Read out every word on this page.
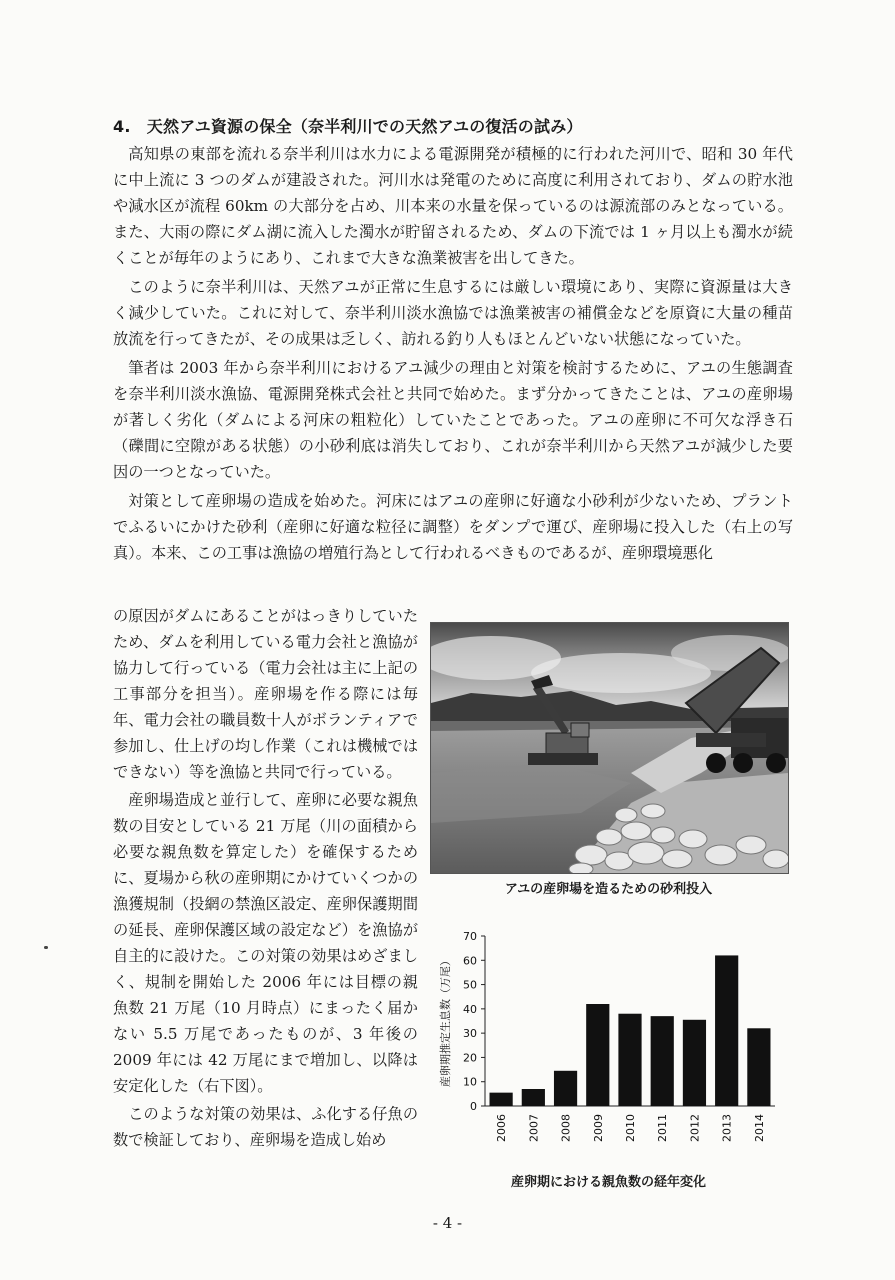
4.　天然アユ資源の保全（奈半利川での天然アユの復活の試み）

高知県の東部を流れる奈半利川は水力による電源開発が積極的に行われた河川で、昭和 30 年代に中上流に 3 つのダムが建設された。河川水は発電のために高度に利用されており、ダムの貯水池や減水区が流程 60km の大部分を占め、川本来の水量を保っているのは源流部のみとなっている。また、大雨の際にダム湖に流入した濁水が貯留されるため、ダムの下流では 1 ヶ月以上も濁水が続くことが毎年のようにあり、これまで大きな漁業被害を出してきた。

このように奈半利川は、天然アユが正常に生息するには厳しい環境にあり、実際に資源量は大きく減少していた。これに対して、奈半利川淡水漁協では漁業被害の補償金などを原資に大量の種苗放流を行ってきたが、その成果は乏しく、訪れる釣り人もほとんどいない状態になっていた。

筆者は 2003 年から奈半利川におけるアユ減少の理由と対策を検討するために、アユの生態調査を奈半利川淡水漁協、電源開発株式会社と共同で始めた。まず分かってきたことは、アユの産卵場が著しく劣化（ダムによる河床の粗粒化）していたことであった。アユの産卵に不可欠な浮き石（礫間に空隙がある状態）の小砂利底は消失しており、これが奈半利川から天然アユが減少した要因の一つとなっていた。

対策として産卵場の造成を始めた。河床にはアユの産卵に好適な小砂利が少ないため、プラントでふるいにかけた砂利（産卵に好適な粒径に調整）をダンプで運び、産卵場に投入した（右上の写真）。本来、この工事は漁協の増殖行為として行われるべきものであるが、産卵環境悪化

の原因がダムにあることがはっきりしていたため、ダムを利用している電力会社と漁協が協力して行っている（電力会社は主に上記の工事部分を担当）。産卵場を作る際には毎年、電力会社の職員数十人がボランティアで参加し、仕上げの均し作業（これは機械ではできない）等を漁協と共同で行っている。

産卵場造成と並行して、産卵に必要な親魚数の目安としている 21 万尾（川の面積から必要な親魚数を算定した）を確保するために、夏場から秋の産卵期にかけていくつかの漁獲規制（投網の禁漁区設定、産卵保護期間の延長、産卵保護区域の設定など）を漁協が自主的に設けた。この対策の効果はめざましく、規制を開始した 2006 年には目標の親魚数 21 万尾（10 月時点）にまったく届かない 5.5 万尾であったものが、3 年後の 2009 年には 42 万尾にまで増加し、以降は安定化した（右下図）。

このような対策の効果は、ふ化する仔魚の数で検証しており、産卵場を造成し始め

アユの産卵場を造るための砂利投入
0
10
20
30
40
50
60
70
産卵期推定生息数（万尾）
2006 2007 2008 2009 2010 2011 2012 2013 2014
産卵期における親魚数の経年変化
- 4 -
